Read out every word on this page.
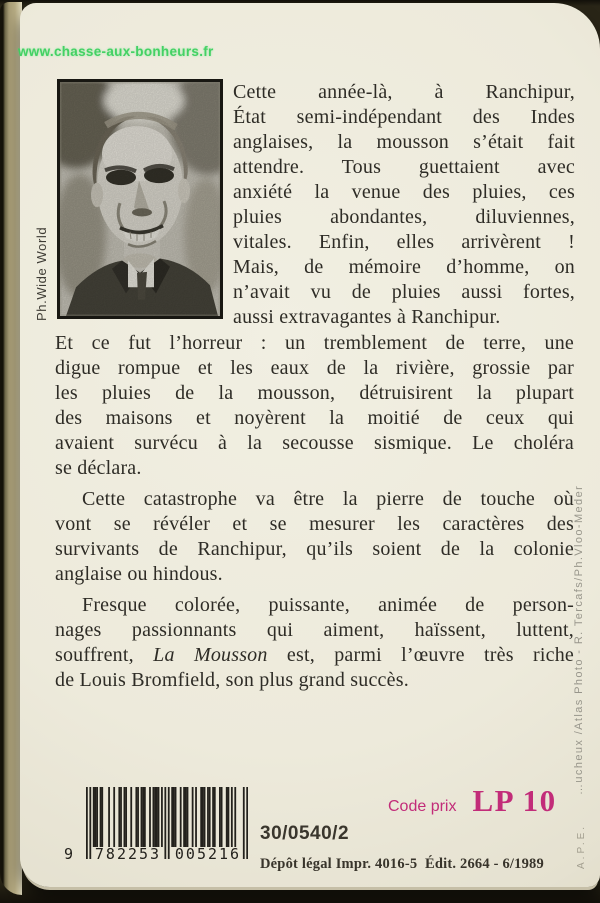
Ph.Wide World
Cette année-là, à Ranchipur,
État semi-indépendant des Indes
anglaises, la mousson s’était fait
attendre. Tous guettaient avec
anxiété la venue des pluies, ces
pluies abondantes, diluviennes,
vitales. Enfin, elles arrivèrent !
Mais, de mémoire d’homme, on
n’avait vu de pluies aussi fortes,
aussi extravagantes à Ranchipur.
Et ce fut l’horreur : un tremblement de terre, une
digue rompue et les eaux de la rivière, grossie par
les pluies de la mousson, détruisirent la plupart
des maisons et noyèrent la moitié de ceux qui
avaient survécu à la secousse sismique. Le choléra
se déclara.
Cette catastrophe va être la pierre de touche où
vont se révéler et se mesurer les caractères des
survivants de Ranchipur, qu’ils soient de la colonie
anglaise ou hindous.
Fresque colorée, puissante, animée de person-
nages passionnants qui aiment, haïssent, luttent,
souffrent, La Mousson est, parmi l’œuvre très riche
de Louis Bromfield, son plus grand succès.	…ucheux /Atlas Photo - R. Tercafs/Ph.Vloo-Meder
A.P.E.
9 782253 005216
Code prix LP 10
30/0540/2
Dépôt légal Impr. 4016-5  Édit. 2664 - 6/1989
www.chasse-aux-bonheurs.fr
